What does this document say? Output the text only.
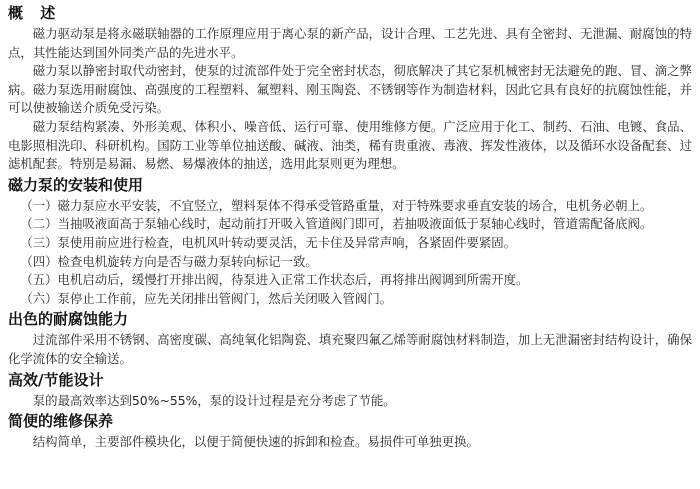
概 述

磁力驱动泵是将永磁联轴器的工作原理应用于离心泵的新产品，设计合理、工艺先进、具有全密封、无泄漏、耐腐蚀的特点，其性能达到国外同类产品的先进水平。

磁力泵以静密封取代动密封，使泵的过流部件处于完全密封状态，彻底解决了其它泵机械密封无法避免的跑、冒、滴之弊病。磁力泵选用耐腐蚀、高强度的工程塑料、氟塑料、刚玉陶瓷、不锈钢等作为制造材料，因此它具有良好的抗腐蚀性能，并可以使被输送介质免受污染。

磁力泵结构紧凑、外形美观、体积小、噪音低、运行可靠、使用维修方便。广泛应用于化工、制药、石油、电镀、食品、电影照相洗印、科研机构。国防工业等单位抽送酸、碱液、油类，稀有贵重液、毒液、挥发性液体，以及循环水设备配套、过滤机配套。特别是易漏、易燃、易爆液体的抽送，选用此泵则更为理想。

磁力泵的安装和使用

（一）磁力泵应水平安装，不宜竖立，塑料泵体不得承受管路重量，对于特殊要求垂直安装的场合，电机务必朝上。

（二）当抽吸液面高于泵轴心线时，起动前打开吸入管道阀门即可，若抽吸液面低于泵轴心线时，管道需配备底阀。

（三）泵使用前应进行检查，电机风叶转动要灵活，无卡住及异常声响，各紧固件要紧固。

（四）检查电机旋转方向是否与磁力泵转向标记一致。

（五）电机启动后，缓慢打开排出阀，待泵进入正常工作状态后，再将排出阀调到所需开度。

（六）泵停止工作前，应先关闭排出管阀门，然后关闭吸入管阀门。

出色的耐腐蚀能力

过流部件采用不锈钢、高密度碳、高纯氧化铝陶瓷、填充聚四氟乙烯等耐腐蚀材料制造，加上无泄漏密封结构设计，确保化学流体的安全输送。

高效/节能设计

泵的最高效率达到50%~55%，泵的设计过程是充分考虑了节能。

简便的维修保养

结构简单，主要部件模块化，以便于简便快速的拆卸和检查。易损件可单独更换。
